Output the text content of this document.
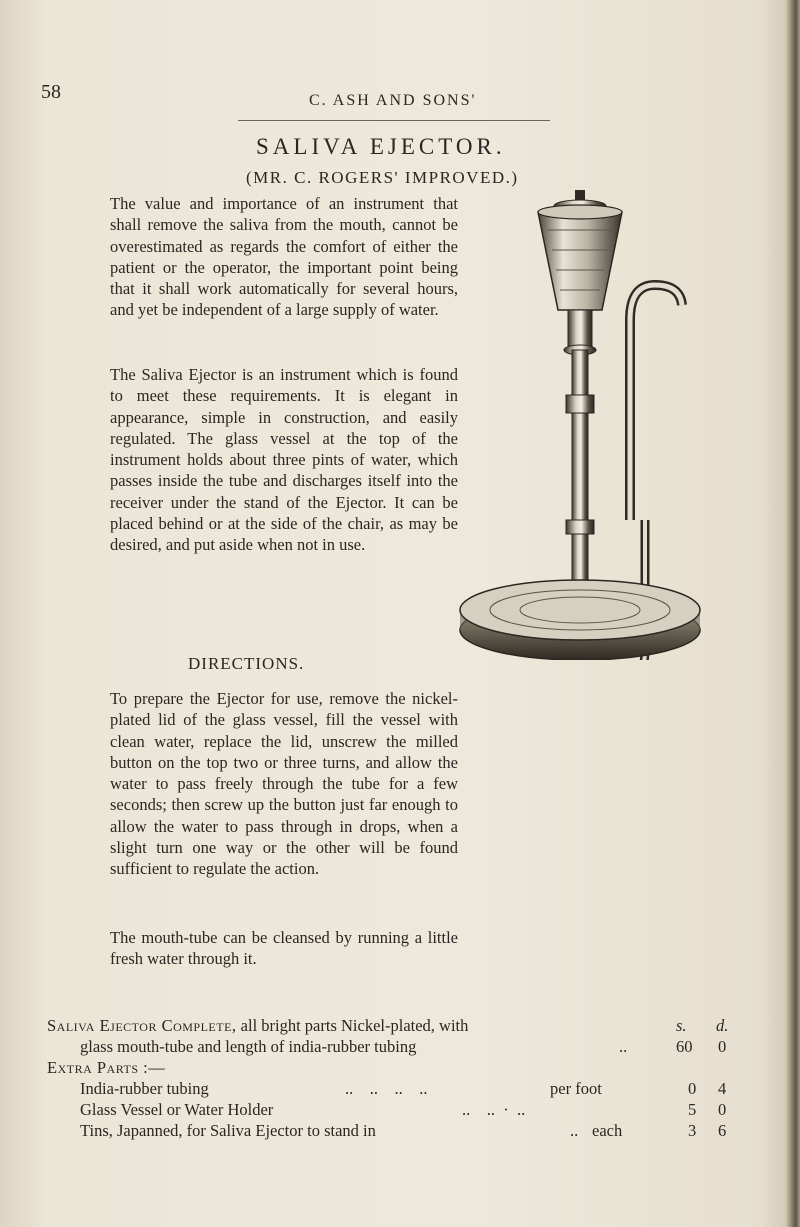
58	C. ASH AND SONS'
SALIVA EJECTOR.
(MR. C. ROGERS' IMPROVED.)
The value and importance of an instrument that shall remove the saliva from the mouth, cannot be overestimated as regards the comfort of either the patient or the operator, the important point being that it shall work automatically for several hours, and yet be independent of a large supply of water.
The Saliva Ejector is an instrument which is found to meet these requirements. It is elegant in appearance, simple in construction, and easily regulated. The glass vessel at the top of the instrument holds about three pints of water, which passes inside the tube and discharges itself into the receiver under the stand of the Ejector. It can be placed behind or at the side of the chair, as may be desired, and put aside when not in use.
DIRECTIONS.
To prepare the Ejector for use, remove the nickel-plated lid of the glass vessel, fill the vessel with clean water, replace the lid, unscrew the milled button on the top two or three turns, and allow the water to pass freely through the tube for a few seconds; then screw up the button just far enough to allow the water to pass through in drops, when a slight turn one way or the other will be found sufficient to regulate the action.
The mouth-tube can be cleansed by running a little fresh water through it.
Saliva Ejector Complete, all bright parts Nickel-plated, with	s. d.
glass mouth-tube and length of india-rubber tubing	..	60 0
Extra Parts :—
India-rubber tubing	..    ..    ..    ..	per foot	0 4
Glass Vessel or Water Holder	..    ..  ·  ..	5 0
Tins, Japanned, for Saliva Ejector to stand in	.. each	3 6
